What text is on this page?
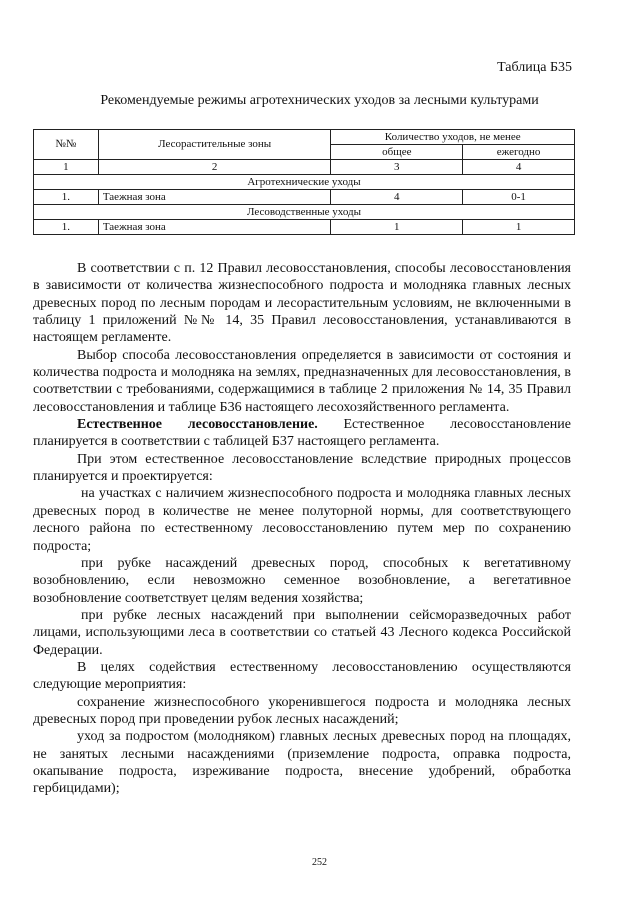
Таблица Б35
Рекомендуемые режимы агротехнических уходов за лесными культурами
№№	Лесорастительные зоны	Количество уходов, не менее	
		общее	ежегодно
1	2	3	4
Агротехнические уходы			
1.	Таежная зона	4	0-1
Лесоводственные уходы			
1.	Таежная зона	1	1

В соответствии с п. 12 Правил лесовосстановления, способы лесовосстановления в зависимости от количества жизнеспособного подроста и молодняка главных лесных древесных пород по лесным породам и лесорастительным условиям, не включенными в таблицу 1 приложений №№ 14, 35 Правил лесовосстановления, устанавливаются в настоящем регламенте.

Выбор способа лесовосстановления определяется в зависимости от состояния и количества подроста и молодняка на землях, предназначенных для лесовосстановления, в соответствии с требованиями, содержащимися в таблице 2 приложения № 14, 35 Правил лесовосстановления и таблице Б36 настоящего лесохозяйственного регламента.

Естественное лесовосстановление. Естественное лесовосстановление планируется в соответствии с таблицей Б37 настоящего регламента.

При этом естественное лесовосстановление вследствие природных процессов планируется и проектируется:

на участках с наличием жизнеспособного подроста и молодняка главных лесных древесных пород в количестве не менее полуторной нормы, для соответствующего лесного района по естественному лесовосстановлению путем мер по сохранению подроста;

при рубке насаждений древесных пород, способных к вегетативному возобновлению, если невозможно семенное возобновление, а вегетативное возобновление соответствует целям ведения хозяйства;

при рубке лесных насаждений при выполнении сейсморазведочных работ лицами, использующими леса в соответствии со статьей 43 Лесного кодекса Российской Федерации.

В целях содействия естественному лесовосстановлению осуществляются следующие мероприятия:

сохранение жизнеспособного укоренившегося подроста и молодняка лесных древесных пород при проведении рубок лесных насаждений;

уход за подростом (молодняком) главных лесных древесных пород на площадях, не занятых лесными насаждениями (приземление подроста, оправка подроста, окапывание подроста, изреживание подроста, внесение удобрений, обработка гербицидами);

252
